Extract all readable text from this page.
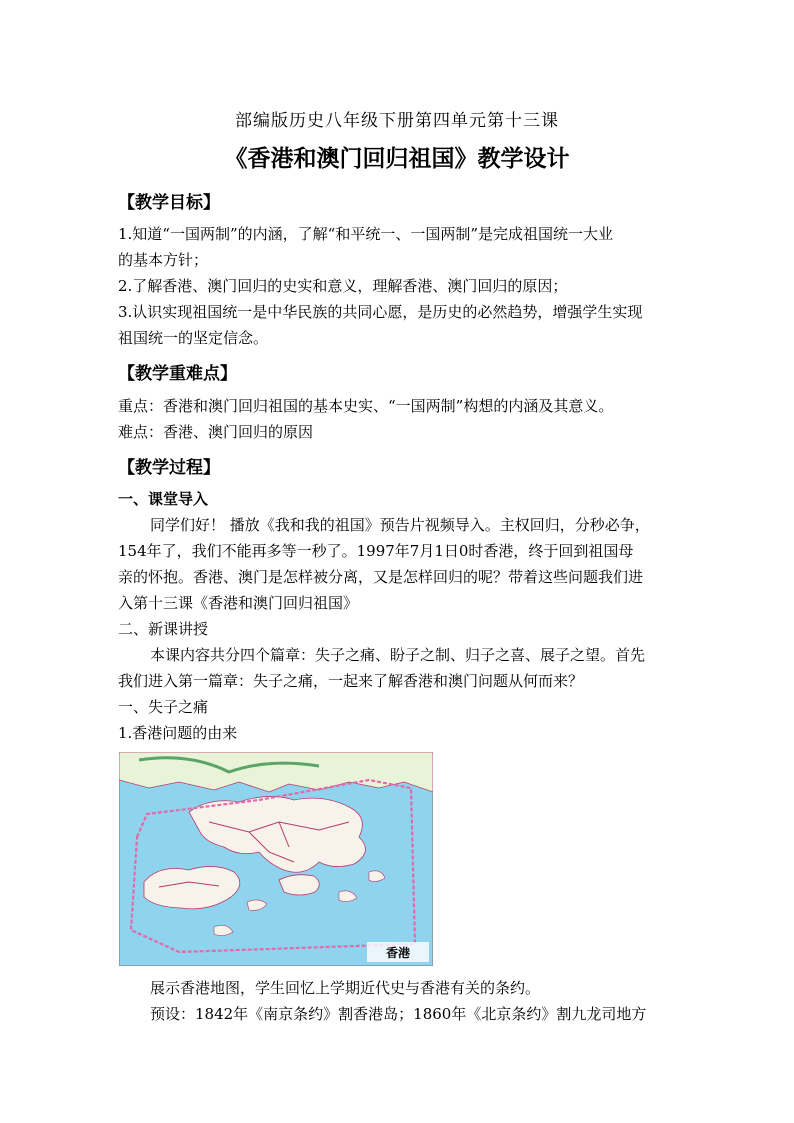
部编版历史八年级下册第四单元第十三课
《香港和澳门回归祖国》教学设计
【教学目标】
1.知道“一国两制”的内涵，了解“和平统一、一国两制”是完成祖国统一大业
的基本方针；
2.了解香港、澳门回归的史实和意义，理解香港、澳门回归的原因；
3.认识实现祖国统一是中华民族的共同心愿，是历史的必然趋势，增强学生实现
祖国统一的坚定信念。
【教学重难点】
重点：香港和澳门回归祖国的基本史实、“一国两制”构想的内涵及其意义。
难点：香港、澳门回归的原因
【教学过程】
一、课堂导入
同学们好！ 播放《我和我的祖国》预告片视频导入。主权回归，分秒必争，
154年了，我们不能再多等一秒了。1997年7月1日0时香港，终于回到祖国母
亲的怀抱。香港、澳门是怎样被分离，又是怎样回归的呢？带着这些问题我们进
入第十三课《香港和澳门回归祖国》
二、新课讲授
本课内容共分四个篇章：失子之痛、盼子之制、归子之喜、展子之望。首先
我们进入第一篇章：失子之痛，一起来了解香港和澳门问题从何而来？
一、失子之痛
1.香港问题的由来
香港
展示香港地图，学生回忆上学期近代史与香港有关的条约。
预设：1842年《南京条约》割香港岛；1860年《北京条约》割九龙司地方
